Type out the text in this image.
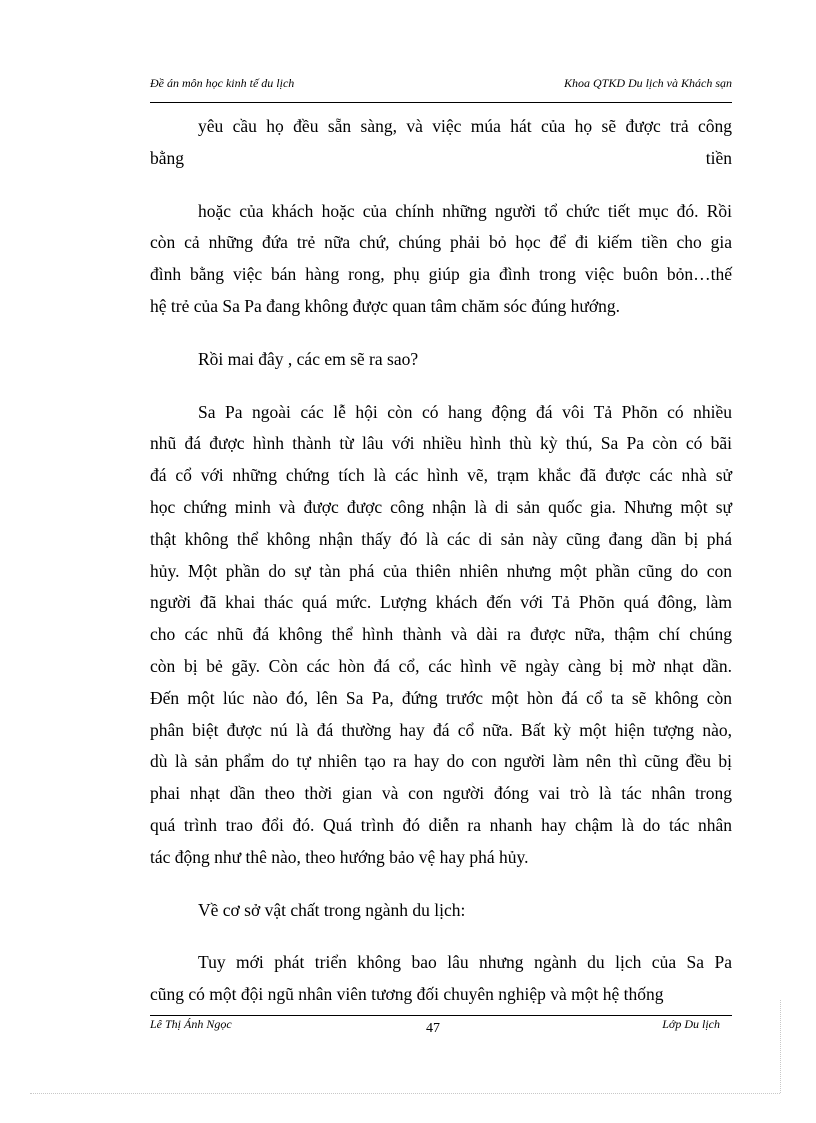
Đề án môn học kinh tế du lịch	Khoa QTKD Du lịch và Khách sạn
yêu cầu họ đều sẵn sàng, và việc múa hát của họ sẽ được trả công
bằng tiền
hoặc của khách hoặc của chính những người tổ chức tiết mục đó. Rồi
còn cả những đứa trẻ nữa chứ, chúng phải bỏ học để đi kiếm tiền cho gia
đình bằng việc bán hàng rong, phụ giúp gia đình trong việc buôn bỏn…thế
hệ trẻ của Sa Pa đang không được quan tâm chăm sóc đúng hướng.
Rồi mai đây , các em sẽ ra sao?
Sa Pa ngoài các lễ hội còn có hang động đá vôi Tả Phõn có nhiều
nhũ đá được hình thành từ lâu với nhiều hình thù kỳ thú, Sa Pa còn có bãi
đá cổ với những chứng tích là các hình vẽ, trạm khắc đã được các nhà sử
học chứng minh và được được công nhận là di sản quốc gia. Nhưng một sự
thật không thể không nhận thấy đó là các di sản này cũng đang dần bị phá
hủy. Một phần do sự tàn phá của thiên nhiên nhưng một phần cũng do con
người đã khai thác quá mức. Lượng khách đến với Tả Phõn quá đông, làm
cho các nhũ đá không thể hình thành và dài ra được nữa, thậm chí chúng
còn bị bẻ gãy. Còn các hòn đá cổ, các hình vẽ ngày càng bị mờ nhạt dần.
Đến một lúc nào đó, lên Sa Pa, đứng trước một hòn đá cổ ta sẽ không còn
phân biệt được nú là đá thường hay đá cổ nữa. Bất kỳ một hiện tượng nào,
dù là sản phẩm do tự nhiên tạo ra hay do con người làm nên thì cũng đều bị
phai nhạt dần theo thời gian và con người đóng vai trò là tác nhân trong
quá trình trao đổi đó. Quá trình đó diễn ra nhanh hay chậm là do tác nhân
tác động như thê nào, theo hướng bảo vệ hay phá hủy.
Về cơ sở vật chất trong ngành du lịch:
Tuy mới phát triển không bao lâu nhưng ngành du lịch của Sa Pa
cũng có một đội ngũ nhân viên tương đối chuyên nghiệp và một hệ thống
Lê Thị Ánh Ngọc	47	Lớp Du lịch
